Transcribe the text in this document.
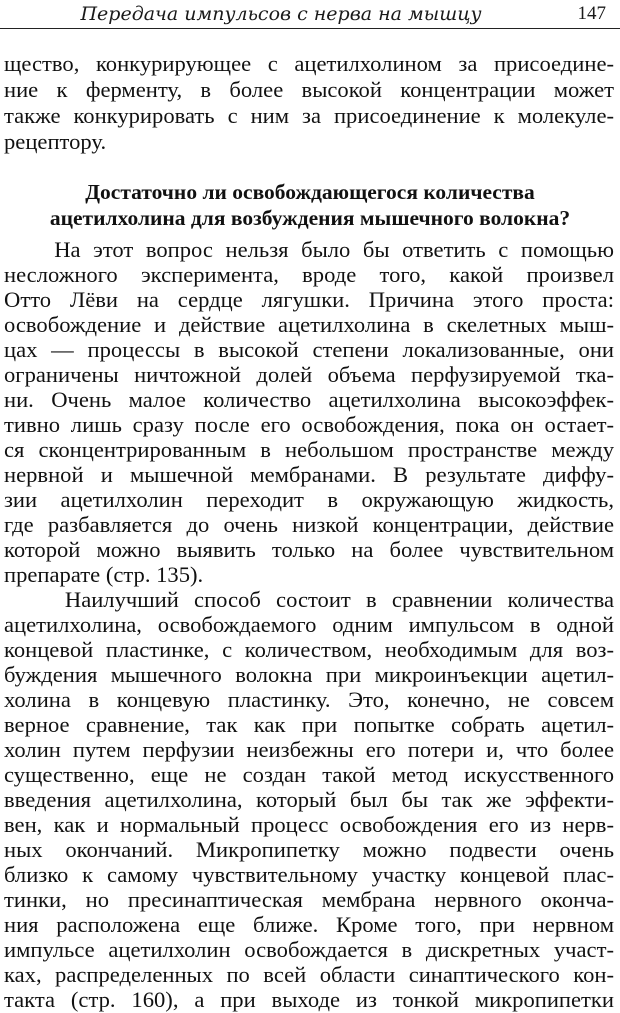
Передача импульсов с нерва на мышцу	147
щество, конкурирующее с ацетилхолином за присоедине-
ние к ферменту, в более высокой концентрации может
также конкурировать с ним за присоединение к молекуле-
рецептору.
Достаточно ли освобождающегося количества
ацетилхолина для возбуждения мышечного волокна?
На этот вопрос нельзя было бы ответить с помощью
несложного эксперимента, вроде того, какой произвел
Отто Лёви на сердце лягушки. Причина этого проста:
освобождение и действие ацетилхолина в скелетных мыш-
цах — процессы в высокой степени локализованные, они
ограничены ничтожной долей объема перфузируемой тка-
ни. Очень малое количество ацетилхолина высокоэффек-
тивно лишь сразу после его освобождения, пока он остает-
ся сконцентрированным в небольшом пространстве между
нервной и мышечной мембранами. В результате диффу-
зии ацетилхолин переходит в окружающую жидкость,
где разбавляется до очень низкой концентрации, действие
которой можно выявить только на более чувствительном
препарате (стр. 135).
Наилучший способ состоит в сравнении количества
ацетилхолина, освобождаемого одним импульсом в одной
концевой пластинке, с количеством, необходимым для воз-
буждения мышечного волокна при микроинъекции ацетил-
холина в концевую пластинку. Это, конечно, не совсем
верное сравнение, так как при попытке собрать ацетил-
холин путем перфузии неизбежны его потери и, что более
существенно, еще не создан такой метод искусственного
введения ацетилхолина, который был бы так же эффекти-
вен, как и нормальный процесс освобождения его из нерв-
ных окончаний. Микропипетку можно подвести очень
близко к самому чувствительному участку концевой плас-
тинки, но пресинаптическая мембрана нервного оконча-
ния расположена еще ближе. Кроме того, при нервном
импульсе ацетилхолин освобождается в дискретных участ-
ках, распределенных по всей области синаптического кон-
такта (стр. 160), а при выходе из тонкой микропипетки
